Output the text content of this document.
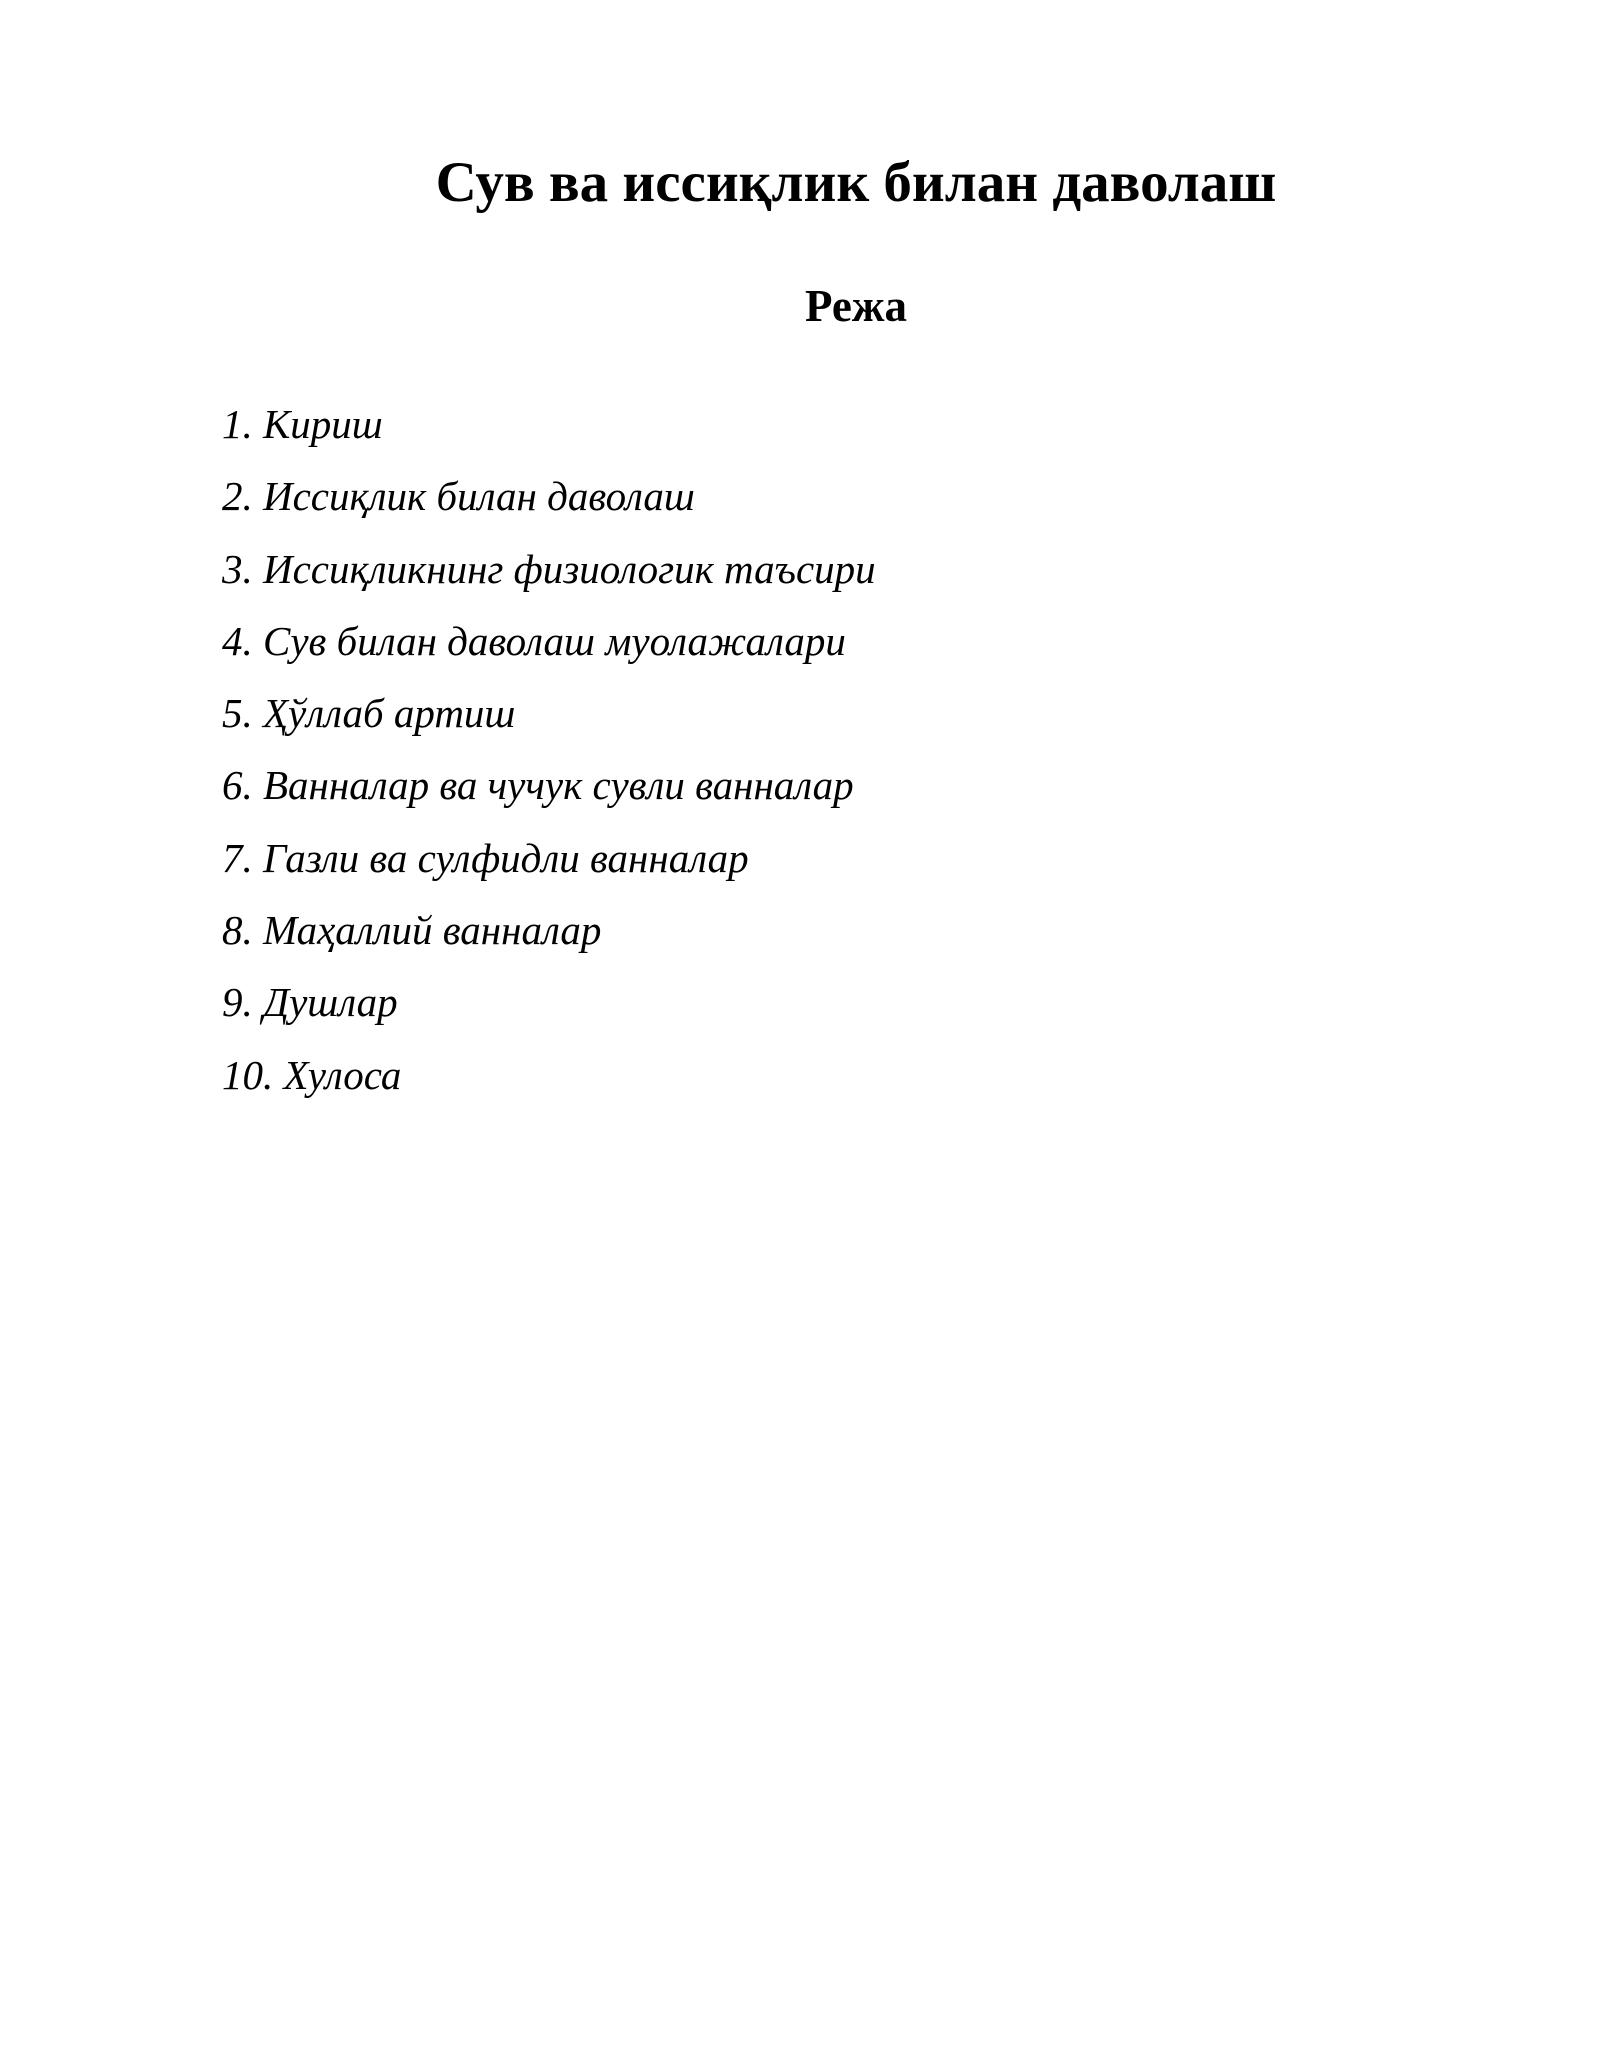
Сув ва иссиқлик билан даволаш
Режа
1. Кириш
2. Иссиқлик билан даволаш
3. Иссиқликнинг физиологик таъсири
4. Сув билан даволаш муолажалари
5. Ҳўллаб артиш
6. Ванналар ва чучук сувли ванналар
7. Газли ва сулфидли ванналар
8. Маҳаллий ванналар
9. Душлар
10. Хулоса
